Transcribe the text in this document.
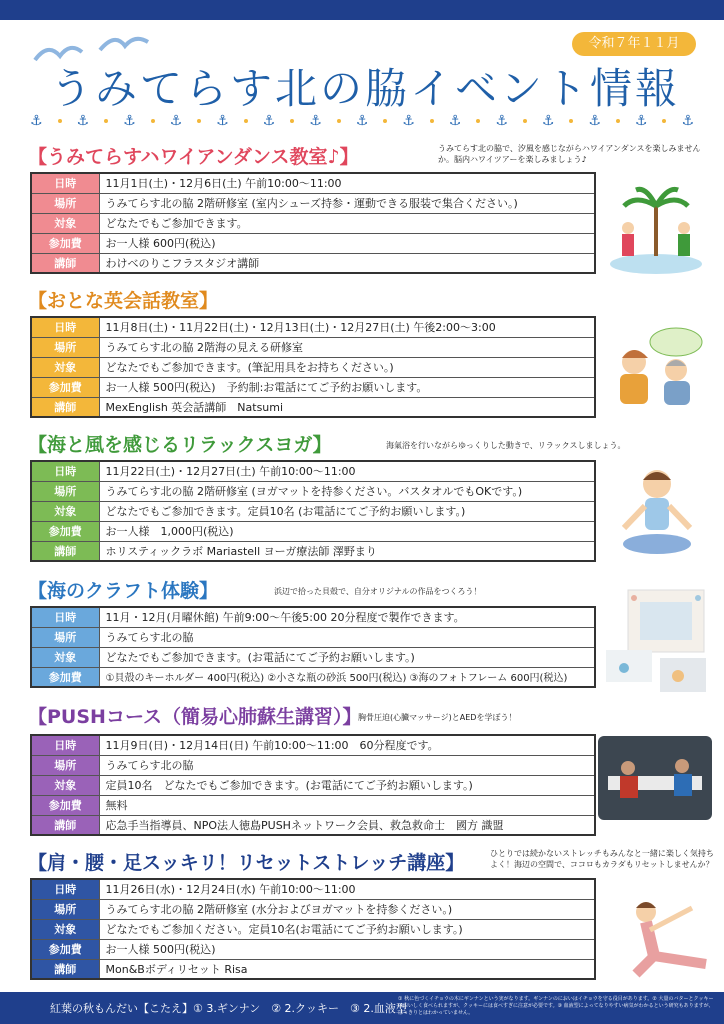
令和７年１１月
うみてらす北の脇イベント情報
⚓ ⚓ ⚓ ⚓ ⚓ ⚓ ⚓ ⚓ ⚓ ⚓ ⚓ ⚓ ⚓ ⚓ ⚓
【うみてらすハワイアンダンス教室♪】	うみてらす北の脇で、汐風を感じながらハワイアンダンスを楽しみませんか。脳内ハワイツアーを楽しみましょう♪
日時	11月1日(土)・12月6日(土) 午前10:00～11:00
場所	うみてらす北の脇 2階研修室 (室内シューズ持参・運動できる服装で集合ください。)
対象	どなたでもご参加できます。
参加費	お一人様 600円(税込)
講師	わけべのりこフラスタジオ講師
【おとな英会話教室】
日時	11月8日(土)・11月22日(土)・12月13日(土)・12月27日(土) 午後2:00～3:00
場所	うみてらす北の脇 2階海の見える研修室
対象	どなたでもご参加できます。(筆記用具をお持ちください。)
参加費	お一人様 500円(税込)　予約制:お電話にてご予約お願いします。
講師	MexEnglish 英会話講師　Natsumi
【海と風を感じるリラックスヨガ】	海氣浴を行いながらゆっくりした動きで、リラックスしましょう。
日時	11月22日(土)・12月27日(土) 午前10:00～11:00
場所	うみてらす北の脇 2階研修室 (ヨガマットを持参ください。バスタオルでもOKです。)
対象	どなたでもご参加できます。定員10名 (お電話にてご予約お願いします。)
参加費	お一人様　1,000円(税込)
講師	ホリスティックラボ Mariastell ヨーガ療法師 澤野まり
【海のクラフト体験】	浜辺で拾った貝殻で、自分オリジナルの作品をつくろう！
日時	11月・12月(月曜休館) 午前9:00～午後5:00 20分程度で製作できます。
場所	うみてらす北の脇
対象	どなたでもご参加できます。(お電話にてご予約お願いします。)
参加費	①貝殻のキーホルダー 400円(税込) ②小さな瓶の砂浜 500円(税込) ③海のフォトフレーム 600円(税込)
【PUSHコース（簡易心肺蘇生講習）】
胸骨圧迫(心臓マッサージ)とAEDを学ぼう！
日時	11月9日(日)・12月14日(日) 午前10:00～11:00　60分程度です。
場所	うみてらす北の脇
対象	定員10名　どなたでもご参加できます。(お電話にてご予約お願いします。)
参加費	無料
講師	応急手当指導員、NPO法人徳島PUSHネットワーク会員、救急救命士　國方 識盟
【肩・腰・足スッキリ！リセットストレッチ講座】	ひとりでは続かないストレッチもみんなと一緒に楽しく気持ちよく！海辺の空間で、ココロもカラダもリセットしませんか？
日時	11月26日(水)・12月24日(水) 午前10:00～11:00
場所	うみてらす北の脇 2階研修室 (水分およびヨガマットを持参ください。)
対象	どなたでもご参加ください。定員10名(お電話にてご予約お願いします。)
参加費	お一人様 500円(税込)
講師	Mon&Bボディリセット Risa
紅葉の秋もんだい【こたえ】① 3.ギンナン　② 2.クッキー　③ 2.血液型
① 秋に色づくイチョウの木にギンナンという実がなります。ギンナンのにおいはイチョウを守る役目があります。② 大量のバターとクッキーはおいしく食べられますが、クッキーには食べすぎに注意が必要です。③ 血液型によってなりやすい病気がわかるという研究もありますが、はっきりとはわかっていません。
